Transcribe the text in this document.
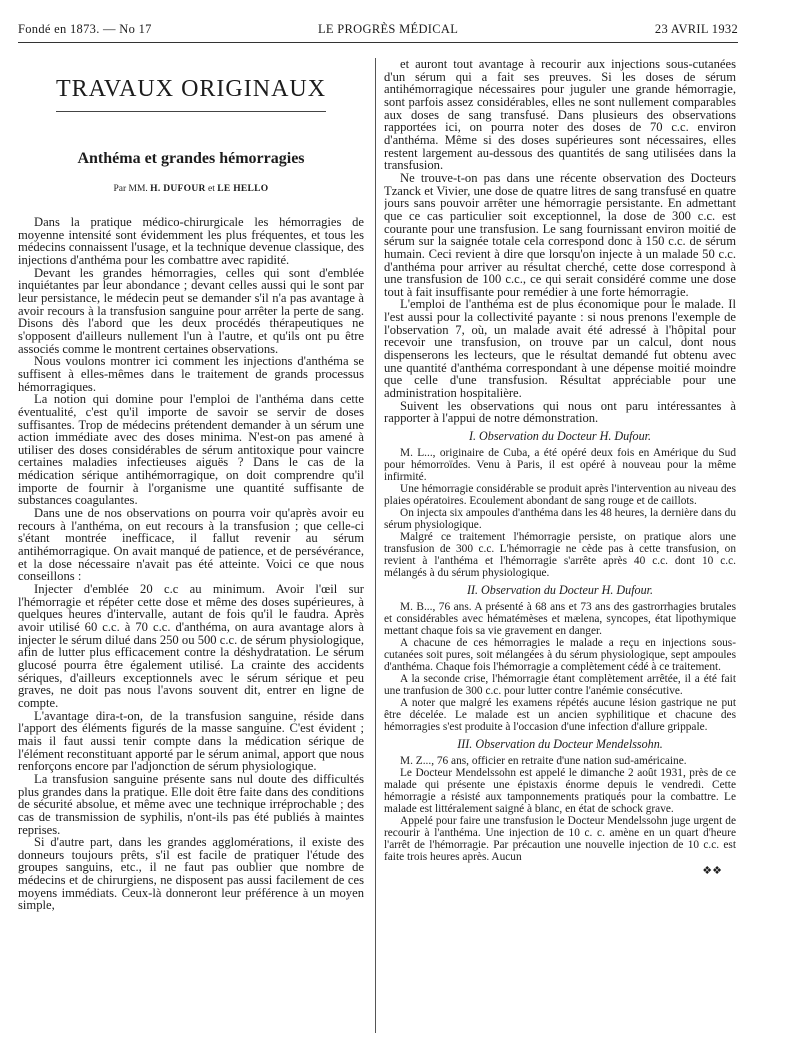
Fondé en 1873. — No 17	LE PROGRÈS MÉDICAL	23 AVRIL 1932
TRAVAUX ORIGINAUX
Anthéma et grandes hémorragies
Par MM. H. DUFOUR et LE HELLO

Dans la pratique médico-chirurgicale les hémorragies de moyenne intensité sont évidemment les plus fréquentes, et tous les médecins connaissent l'usage, et la technique devenue classique, des injections d'anthéma pour les combattre avec rapidité.

Devant les grandes hémorragies, celles qui sont d'emblée inquiétantes par leur abondance ; devant celles aussi qui le sont par leur persistance, le médecin peut se demander s'il n'a pas avantage à avoir recours à la transfusion sanguine pour arrêter la perte de sang. Disons dès l'abord que les deux procédés thérapeutiques ne s'opposent d'ailleurs nullement l'un à l'autre, et qu'ils ont pu être associés comme le montrent certaines observations.

Nous voulons montrer ici comment les injections d'anthéma se suffisent à elles-mêmes dans le traitement de grands processus hémorragiques.

La notion qui domine pour l'emploi de l'anthéma dans cette éventualité, c'est qu'il importe de savoir se servir de doses suffisantes. Trop de médecins prétendent demander à un sérum une action immédiate avec des doses minima. N'est-on pas amené à utiliser des doses considérables de sérum antitoxique pour vaincre certaines maladies infectieuses aiguës ? Dans le cas de la médication sérique antihémorragique, on doit comprendre qu'il importe de fournir à l'organisme une quantité suffisante de substances coagulantes.

Dans une de nos observations on pourra voir qu'après avoir eu recours à l'anthéma, on eut recours à la transfusion ; que celle-ci s'étant montrée inefficace, il fallut revenir au sérum antihémorragique. On avait manqué de patience, et de persévérance, et la dose nécessaire n'avait pas été atteinte. Voici ce que nous conseillons :

Injecter d'emblée 20 c.c au minimum. Avoir l'œil sur l'hémorragie et répéter cette dose et même des doses supérieures, à quelques heures d'intervalle, autant de fois qu'il le faudra. Après avoir utilisé 60 c.c. à 70 c.c. d'anthéma, on aura avantage alors à injecter le sérum dilué dans 250 ou 500 c.c. de sérum physiologique, afin de lutter plus efficacement contre la déshydratation. Le sérum glucosé pourra être également utilisé. La crainte des accidents sériques, d'ailleurs exceptionnels avec le sérum sérique et peu graves, ne doit pas nous l'avons souvent dit, entrer en ligne de compte.

L'avantage dira-t-on, de la transfusion sanguine, réside dans l'apport des éléments figurés de la masse sanguine. C'est évident ; mais il faut aussi tenir compte dans la médication sérique de l'élément reconstituant apporté par le sérum animal, apport que nous renforçons encore par l'adjonction de sérum physiologique.

La transfusion sanguine présente sans nul doute des difficultés plus grandes dans la pratique. Elle doit être faite dans des conditions de sécurité absolue, et même avec une technique irréprochable ; des cas de transmission de syphilis, n'ont-ils pas été publiés à maintes reprises.

Si d'autre part, dans les grandes agglomérations, il existe des donneurs toujours prêts, s'il est facile de pratiquer l'étude des groupes sanguins, etc., il ne faut pas oublier que nombre de médecins et de chirurgiens, ne disposent pas aussi facilement de ces moyens immédiats. Ceux-là donneront leur préférence à un moyen simple,

et auront tout avantage à recourir aux injections sous-cutanées d'un sérum qui a fait ses preuves. Si les doses de sérum antihémorragique nécessaires pour juguler une grande hémorragie, sont parfois assez considérables, elles ne sont nullement comparables aux doses de sang transfusé. Dans plusieurs des observations rapportées ici, on pourra noter des doses de 70 c.c. environ d'anthéma. Même si des doses supérieures sont nécessaires, elles restent largement au-dessous des quantités de sang utilisées dans la transfusion.

Ne trouve-t-on pas dans une récente observation des Docteurs Tzanck et Vivier, une dose de quatre litres de sang transfusé en quatre jours sans pouvoir arrêter une hémorragie persistante. En admettant que ce cas particulier soit exceptionnel, la dose de 300 c.c. est courante pour une transfusion. Le sang fournissant environ moitié de sérum sur la saignée totale cela correspond donc à 150 c.c. de sérum humain. Ceci revient à dire que lorsqu'on injecte à un malade 50 c.c. d'anthéma pour arriver au résultat cherché, cette dose correspond à une transfusion de 100 c.c., ce qui serait considéré comme une dose tout à fait insuffisante pour remédier à une forte hémorragie.

L'emploi de l'anthéma est de plus économique pour le malade. Il l'est aussi pour la collectivité payante : si nous prenons l'exemple de l'observation 7, où, un malade avait été adressé à l'hôpital pour recevoir une transfusion, on trouve par un calcul, dont nous dispenserons les lecteurs, que le résultat demandé fut obtenu avec une quantité d'anthéma correspondant à une dépense moitié moindre que celle d'une transfusion. Résultat appréciable pour une administration hospitalière.

Suivent les observations qui nous ont paru intéressantes à rapporter à l'appui de notre démonstration.

I. Observation du Docteur H. Dufour.

M. L..., originaire de Cuba, a été opéré deux fois en Amérique du Sud pour hémorroïdes. Venu à Paris, il est opéré à nouveau pour la même infirmité.

Une hémorragie considérable se produit après l'intervention au niveau des plaies opératoires. Ecoulement abondant de sang rouge et de caillots.

On injecta six ampoules d'anthéma dans les 48 heures, la dernière dans du sérum physiologique.

Malgré ce traitement l'hémorragie persiste, on pratique alors une transfusion de 300 c.c. L'hémorragie ne cède pas à cette transfusion, on revient à l'anthéma et l'hémorragie s'arrête après 40 c.c. dont 10 c.c. mélangés à du sérum physiologique.

II. Observation du Docteur H. Dufour.

M. B..., 76 ans. A présenté à 68 ans et 73 ans des gastrorrhagies brutales et considérables avec hématémèses et mælena, syncopes, état lipothymique mettant chaque fois sa vie gravement en danger.

A chacune de ces hémorragies le malade a reçu en injections sous-cutanées soit pures, soit mélangées à du sérum physiologique, sept ampoules d'anthéma. Chaque fois l'hémorragie a complètement cédé à ce traitement.

A la seconde crise, l'hémorragie étant complètement arrêtée, il a été fait une tranfusion de 300 c.c. pour lutter contre l'anémie consécutive.

A noter que malgré les examens répétés aucune lésion gastrique ne put être décelée. Le malade est un ancien syphilitique et chacune des hémorragies s'est produite à l'occasion d'une infection d'allure grippale.

III. Observation du Docteur Mendelssohn.

M. Z..., 76 ans, officier en retraite d'une nation sud-américaine.

Le Docteur Mendelssohn est appelé le dimanche 2 août 1931, près de ce malade qui présente une épistaxis énorme depuis le vendredi. Cette hémorragie a résisté aux tamponnements pratiqués pour la combattre. Le malade est littéralement saigné à blanc, en état de schock grave.

Appelé pour faire une transfusion le Docteur Mendelssohn juge urgent de recourir à l'anthéma. Une injection de 10 c. c. amène en un quart d'heure l'arrêt de l'hémorragie. Par précaution une nouvelle injection de 10 c.c. est faite trois heures après. Aucun

❖❖
